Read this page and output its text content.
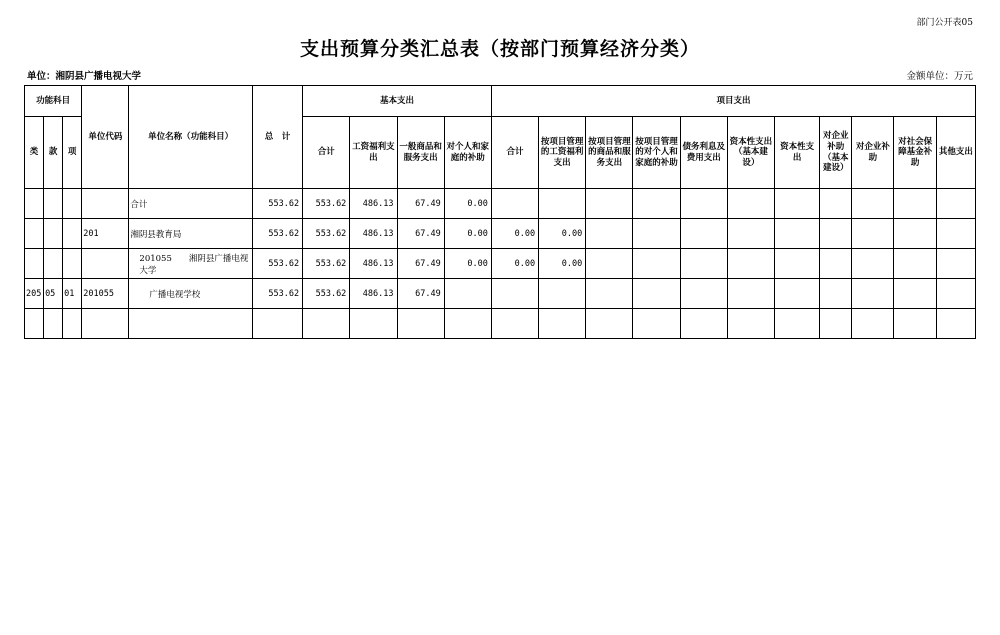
部门公开表05
支出预算分类汇总表（按部门预算经济分类）
单位：湘阴县广播电视大学	金额单位：万元
功能科目			单位代码	单位名称（功能科目）	总　计	基本支出				项目支出										
类	款	项				合计	工资福利支出	一般商品和服务支出	对个人和家庭的补助	合计	按项目管理的工资福利支出	按项目管理的商品和服务支出	按项目管理的对个人和家庭的补助	债务利息及费用支出	资本性支出（基本建设）	资本性支出	对企业补助（基本建设）	对企业补助	对社会保障基金补助	其他支出
				合计	553.62	553.62	486.13	67.49	0.00											
			201	湘阴县教育局	553.62	553.62	486.13	67.49	0.00	0.00	0.00									
				201055　　湘阴县广播电视大学	553.62	553.62	486.13	67.49	0.00	0.00	0.00									
205	05	01	201055	广播电视学校	553.62	553.62	486.13	67.49												
